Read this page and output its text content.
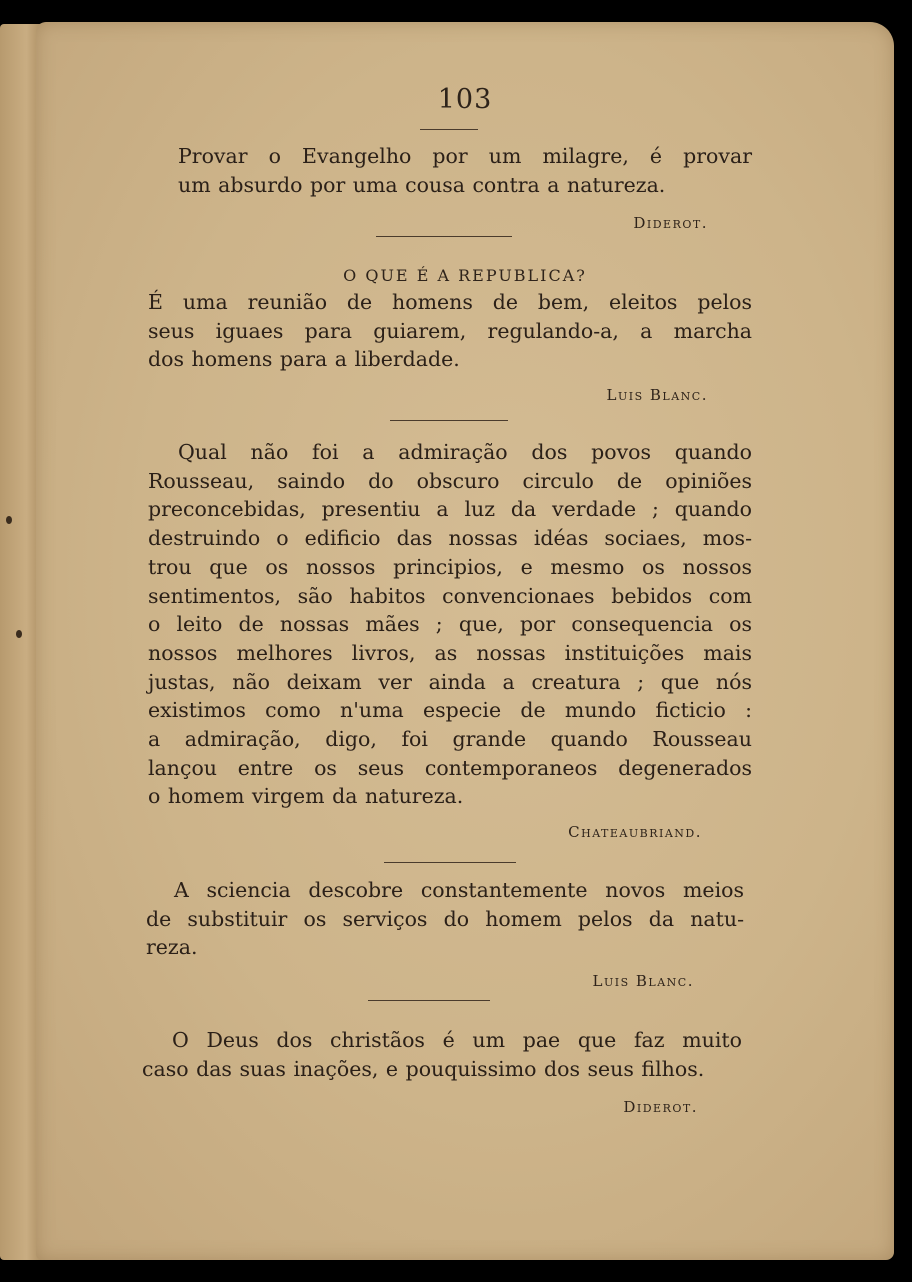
103
Provar o Evangelho por um milagre, é provar
um absurdo por uma cousa contra a natureza.
Diderot.
O QUE É A REPUBLICA?
É uma reunião de homens de bem, eleitos pelos
seus iguaes para guiarem, regulando-a, a marcha
dos homens para a liberdade.
Luis Blanc.
Qual não foi a admiração dos povos quando
Rousseau, saindo do obscuro circulo de opiniões
preconcebidas, presentiu a luz da verdade ; quando
destruindo o edificio das nossas idéas sociaes, mos-
trou que os nossos principios, e mesmo os nossos
sentimentos, são habitos convencionaes bebidos com
o leito de nossas mães ; que, por consequencia os
nossos melhores livros, as nossas instituições mais
justas, não deixam ver ainda a creatura ; que nós
existimos como n'uma especie de mundo ficticio :
a admiração, digo, foi grande quando Rousseau
lançou entre os seus contemporaneos degenerados
o homem virgem da natureza.
Chateaubriand.
A sciencia descobre constantemente novos meios
de substituir os serviços do homem pelos da natu-
reza.
Luis Blanc.
O Deus dos christãos é um pae que faz muito
caso das suas inações, e pouquissimo dos seus filhos.
Diderot.
